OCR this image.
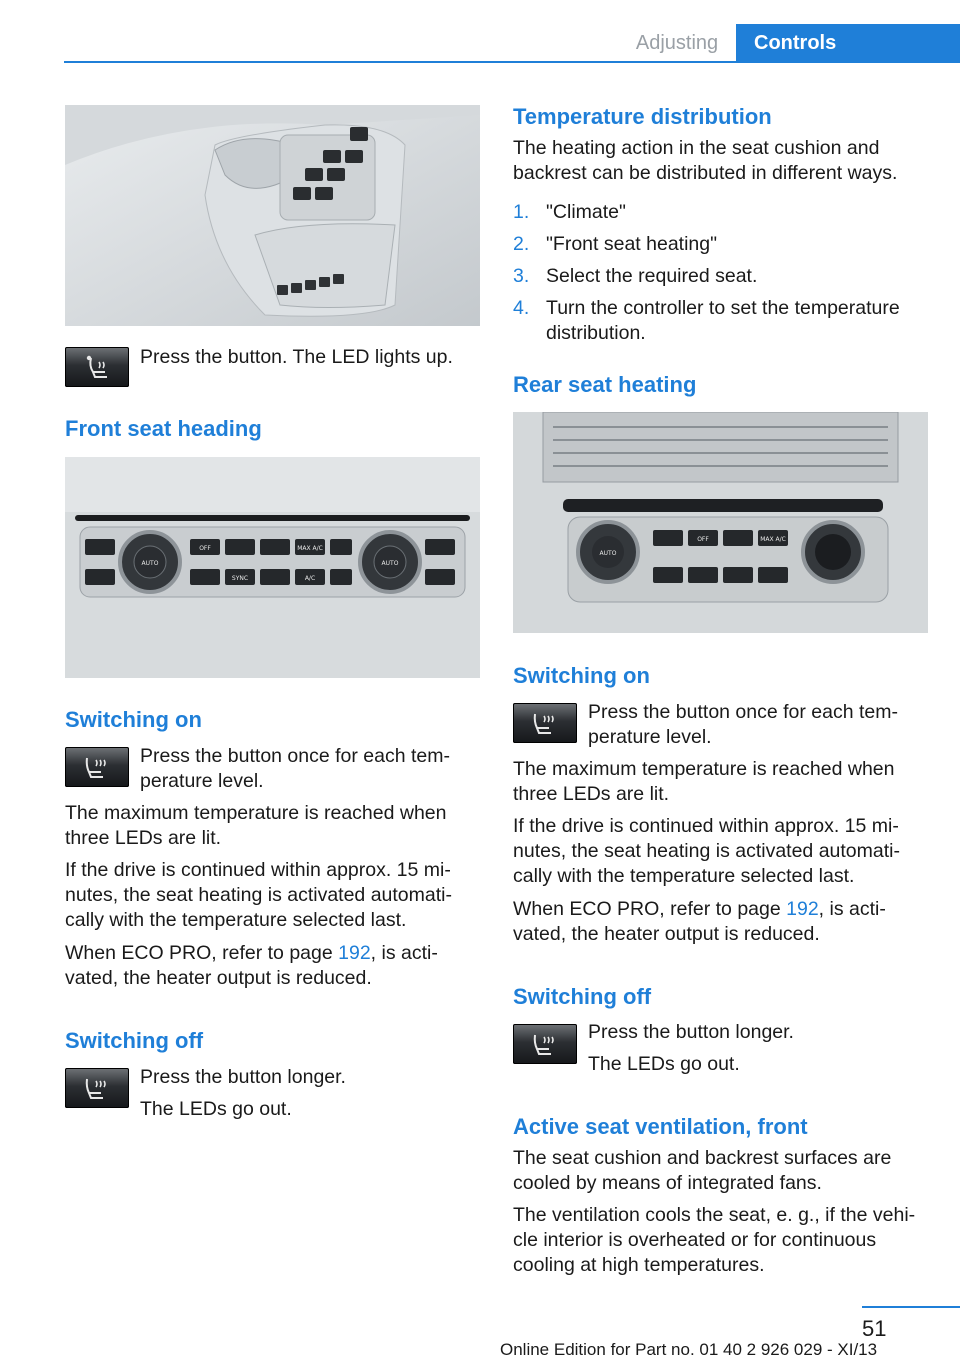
Adjusting	Controls
Press the button. The LED lights up.
Front seat heading
AUTO
OFF	MAX A/C
SYNC	A/C
AUTO
Switching on
Press the button once for each tem‐perature level.
The maximum temperature is reached when three LEDs are lit.
If the drive is continued within approx. 15 mi‐nutes, the seat heating is activated automati‐cally with the temperature selected last.
When ECO PRO, refer to page 192, is acti‐vated, the heater output is reduced.
Switching off
Press the button longer.
The LEDs go out.
Temperature distribution
The heating action in the seat cushion and backrest can be distributed in different ways.
1. "Climate"
2. "Front seat heating"
3. Select the required seat.
4. Turn the controller to set the temperature distribution.
Rear seat heating
AUTO
OFF	MAX A/C
Switching on
Press the button once for each tem‐perature level.
The maximum temperature is reached when three LEDs are lit.
If the drive is continued within approx. 15 mi‐nutes, the seat heating is activated automati‐cally with the temperature selected last.
When ECO PRO, refer to page 192, is acti‐vated, the heater output is reduced.
Switching off
Press the button longer.
The LEDs go out.
Active seat ventilation, front
The seat cushion and backrest surfaces are cooled by means of integrated fans.
The ventilation cools the seat, e. g., if the vehi‐cle interior is overheated or for continuous cooling at high temperatures.
51
Online Edition for Part no. 01 40 2 926 029 - XI/13
